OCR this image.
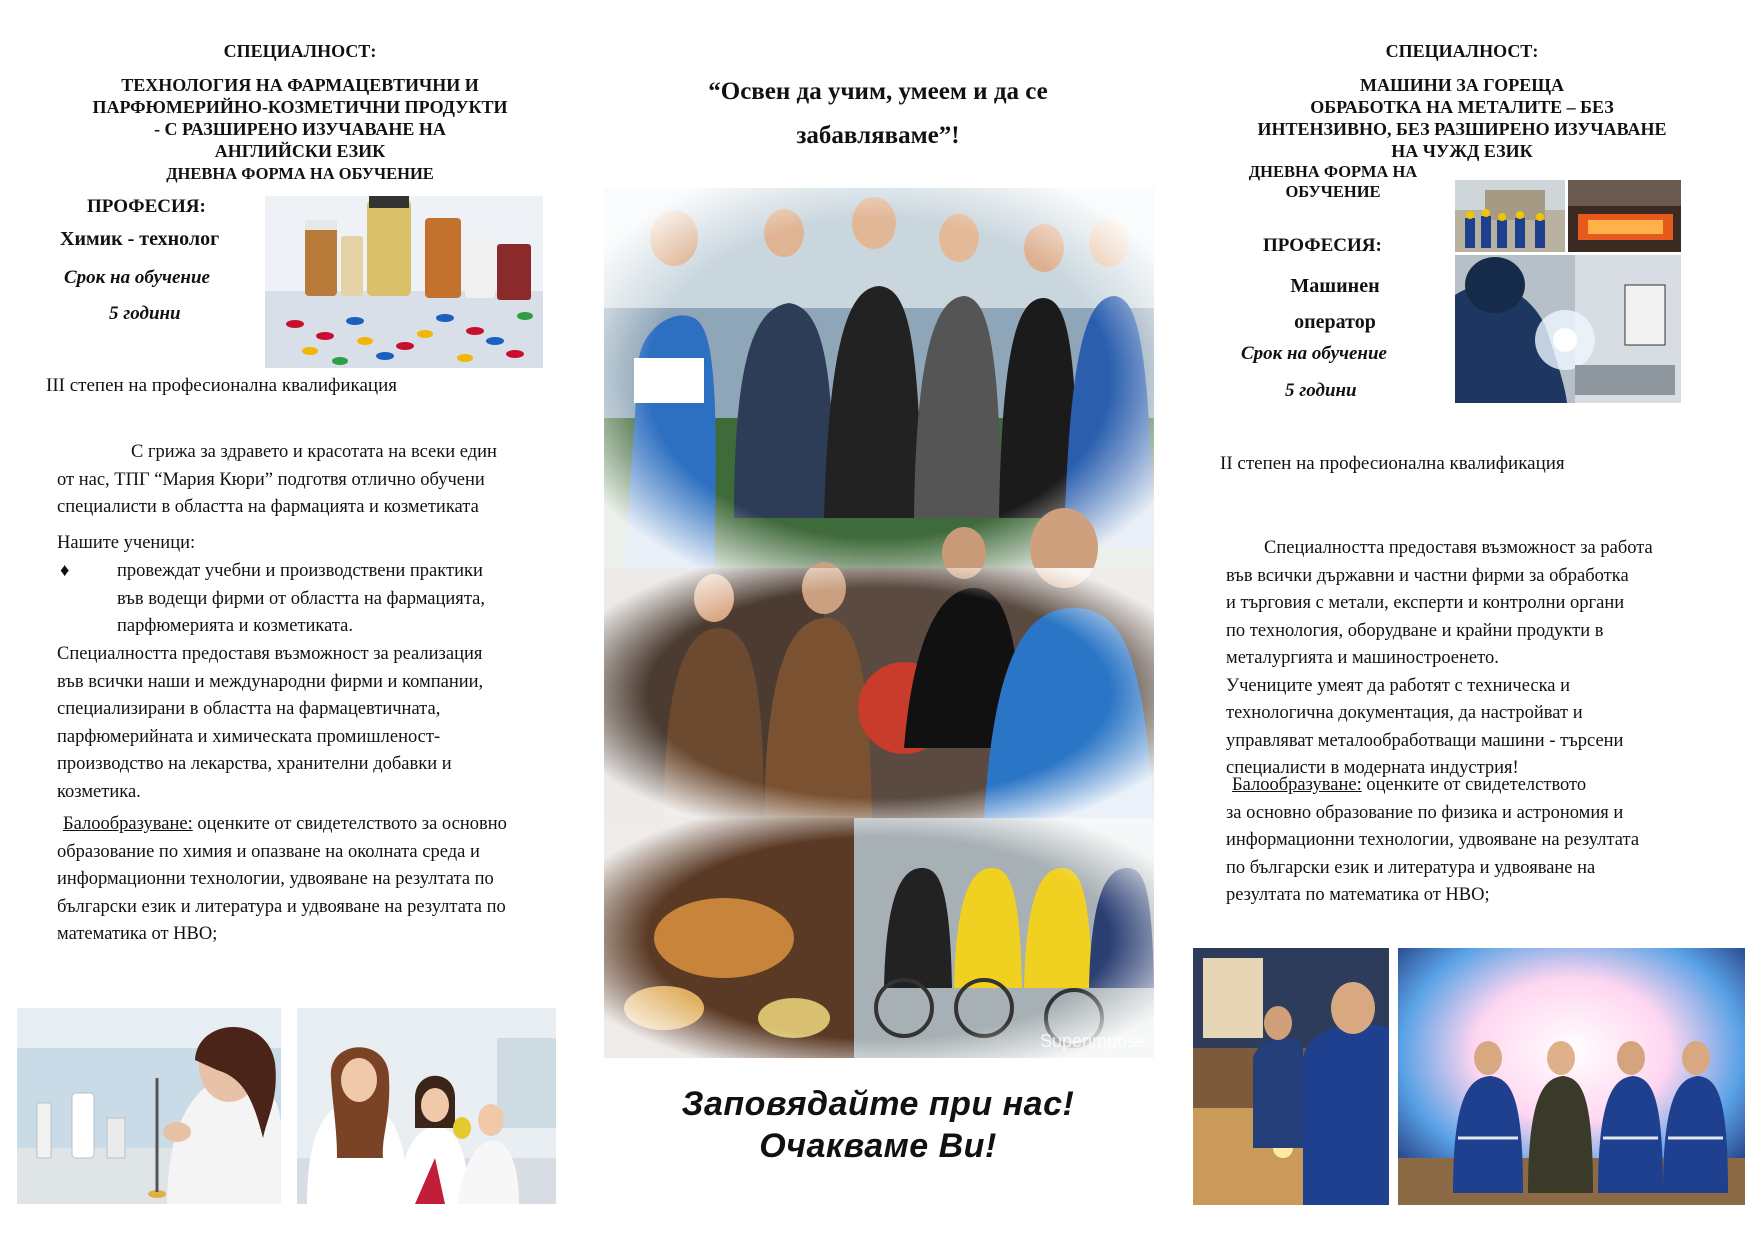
СПЕЦИАЛНОСТ:
ТЕХНОЛОГИЯ НА ФАРМАЦЕВТИЧНИ И
ПАРФЮМЕРИЙНО-КОЗМЕТИЧНИ ПРОДУКТИ
- С РАЗШИРЕНО ИЗУЧАВАНЕ НА
АНГЛИЙСКИ ЕЗИК
ДНЕВНА ФОРМА НА ОБУЧЕНИЕ
ПРОФЕСИЯ:
Химик - технолог
Срок на обучение
5 години
III степен на професионална квалификация
С грижа за здравето и красотата на всеки един
от нас, ТПГ “Мария Кюри” подготвя отлично обучени
специалисти в областта на фармацията и козметиката
Нашите ученици:
♦	провеждат учебни и производствени практики
във водещи фирми от областта на фармацията,
парфюмерията и козметиката.
Специалността предоставя възможност за реализация
във всички наши и международни фирми и компании,
специализирани в областта на фармацевтичната,
парфюмерийната и химическата промишленост-
производство на лекарства, хранителни добавки и
козметика.
Балообразуване: оценките от свидетелството за основно
образование по химия и опазване на околната среда и
информационни технологии, удвояване на резултата по
български език и литература и удвояване на резултата по
математика от НВО;
“Освен да учим, умеем и да се
забавляваме”!
Superimpose
Заповядайте при нас!
Очакваме Ви!
СПЕЦИАЛНОСТ:
МАШИНИ ЗА ГОРЕЩА
ОБРАБОТКА НА МЕТАЛИТЕ – БЕЗ
ИНТЕНЗИВНО, БЕЗ РАЗШИРЕНО ИЗУЧАВАНЕ
НА ЧУЖД ЕЗИК
ДНЕВНА ФОРМА НА
ОБУЧЕНИЕ
ПРОФЕСИЯ:
Машинен
оператор
Срок на обучение
5 години
II степен на професионална квалификация
Специалността предоставя възможност за работа
във всички държавни и частни фирми за обработка
и търговия с метали, експерти и контролни органи
по технология, оборудване и крайни продукти в
металургията и машиностроенето.
Учениците умеят да работят с техническа и
технологична документация, да настройват и
управляват металообработващи машини - търсени
специалисти в модерната индустрия!
Балообразуване: оценките от свидетелството
за основно образование по физика и астрономия и
информационни технологии, удвояване на резултата
по български език и литература и удвояване на
резултата по математика от НВО;
